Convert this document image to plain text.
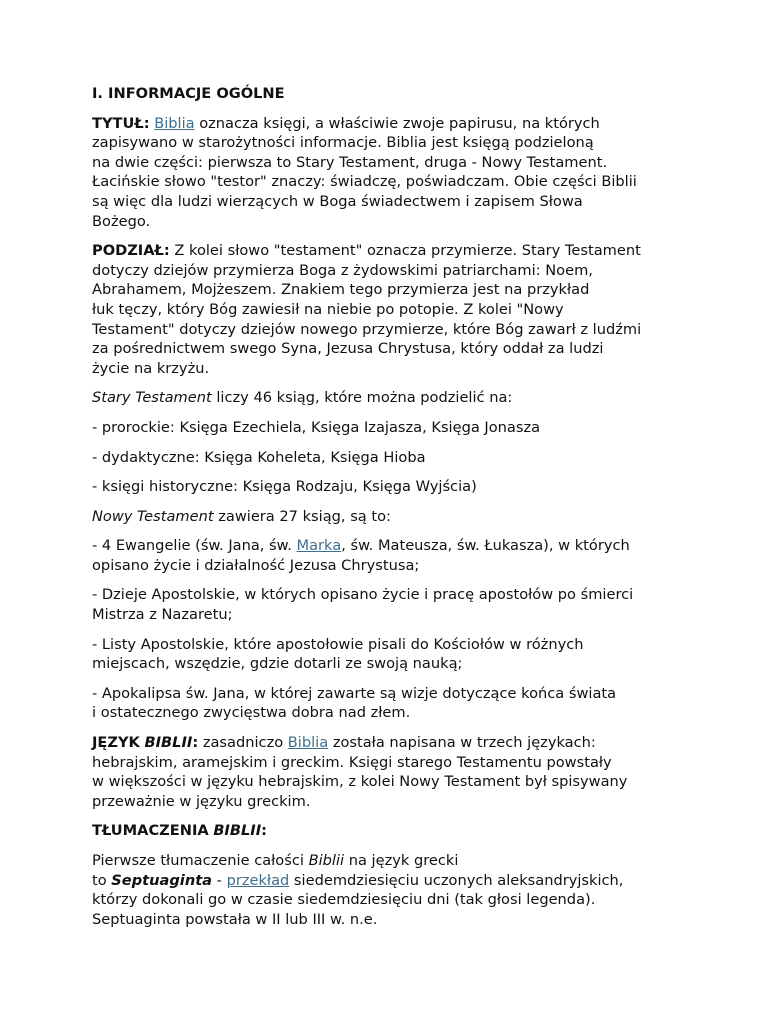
I. INFORMACJE OGÓLNE

TYTUŁ: Biblia oznacza księgi, a właściwie zwoje papirusu, na których
zapisywano w starożytności informacje. Biblia jest księgą podzieloną
na dwie części: pierwsza to Stary Testament, druga - Nowy Testament.
Łacińskie słowo "testor" znaczy: świadczę, poświadczam. Obie części Biblii
są więc dla ludzi wierzących w Boga świadectwem i zapisem Słowa
Bożego.

PODZIAŁ: Z kolei słowo "testament" oznacza przymierze. Stary Testament
dotyczy dziejów przymierza Boga z żydowskimi patriarchami: Noem,
Abrahamem, Mojżeszem. Znakiem tego przymierza jest na przykład
łuk tęczy, który Bóg zawiesił na niebie po potopie. Z kolei "Nowy
Testament" dotyczy dziejów nowego przymierze, które Bóg zawarł z ludźmi
za pośrednictwem swego Syna, Jezusa Chrystusa, który oddał za ludzi
życie na krzyżu.

Stary Testament liczy 46 ksiąg, które można podzielić na:

- prorockie: Księga Ezechiela, Księga Izajasza, Księga Jonasza

- dydaktyczne: Księga Koheleta, Księga Hioba

- księgi historyczne: Księga Rodzaju, Księga Wyjścia)

Nowy Testament zawiera 27 ksiąg, są to:

- 4 Ewangelie (św. Jana, św. Marka, św. Mateusza, św. Łukasza), w których
opisano życie i działalność Jezusa Chrystusa;

- Dzieje Apostolskie, w których opisano życie i pracę apostołów po śmierci
Mistrza z Nazaretu;

- Listy Apostolskie, które apostołowie pisali do Kościołów w różnych
miejscach, wszędzie, gdzie dotarli ze swoją nauką;

- Apokalipsa św. Jana, w której zawarte są wizje dotyczące końca świata
i ostatecznego zwycięstwa dobra nad złem.

JĘZYK BIBLII: zasadniczo Biblia została napisana w trzech językach:
hebrajskim, aramejskim i greckim. Księgi starego Testamentu powstały
w większości w języku hebrajskim, z kolei Nowy Testament był spisywany
przeważnie w języku greckim.

TŁUMACZENIA BIBLII:

Pierwsze tłumaczenie całości Biblii na język grecki
to Septuaginta - przekład siedemdziesięciu uczonych aleksandryjskich,
którzy dokonali go w czasie siedemdziesięciu dni (tak głosi legenda).
Septuaginta powstała w II lub III w. n.e.
